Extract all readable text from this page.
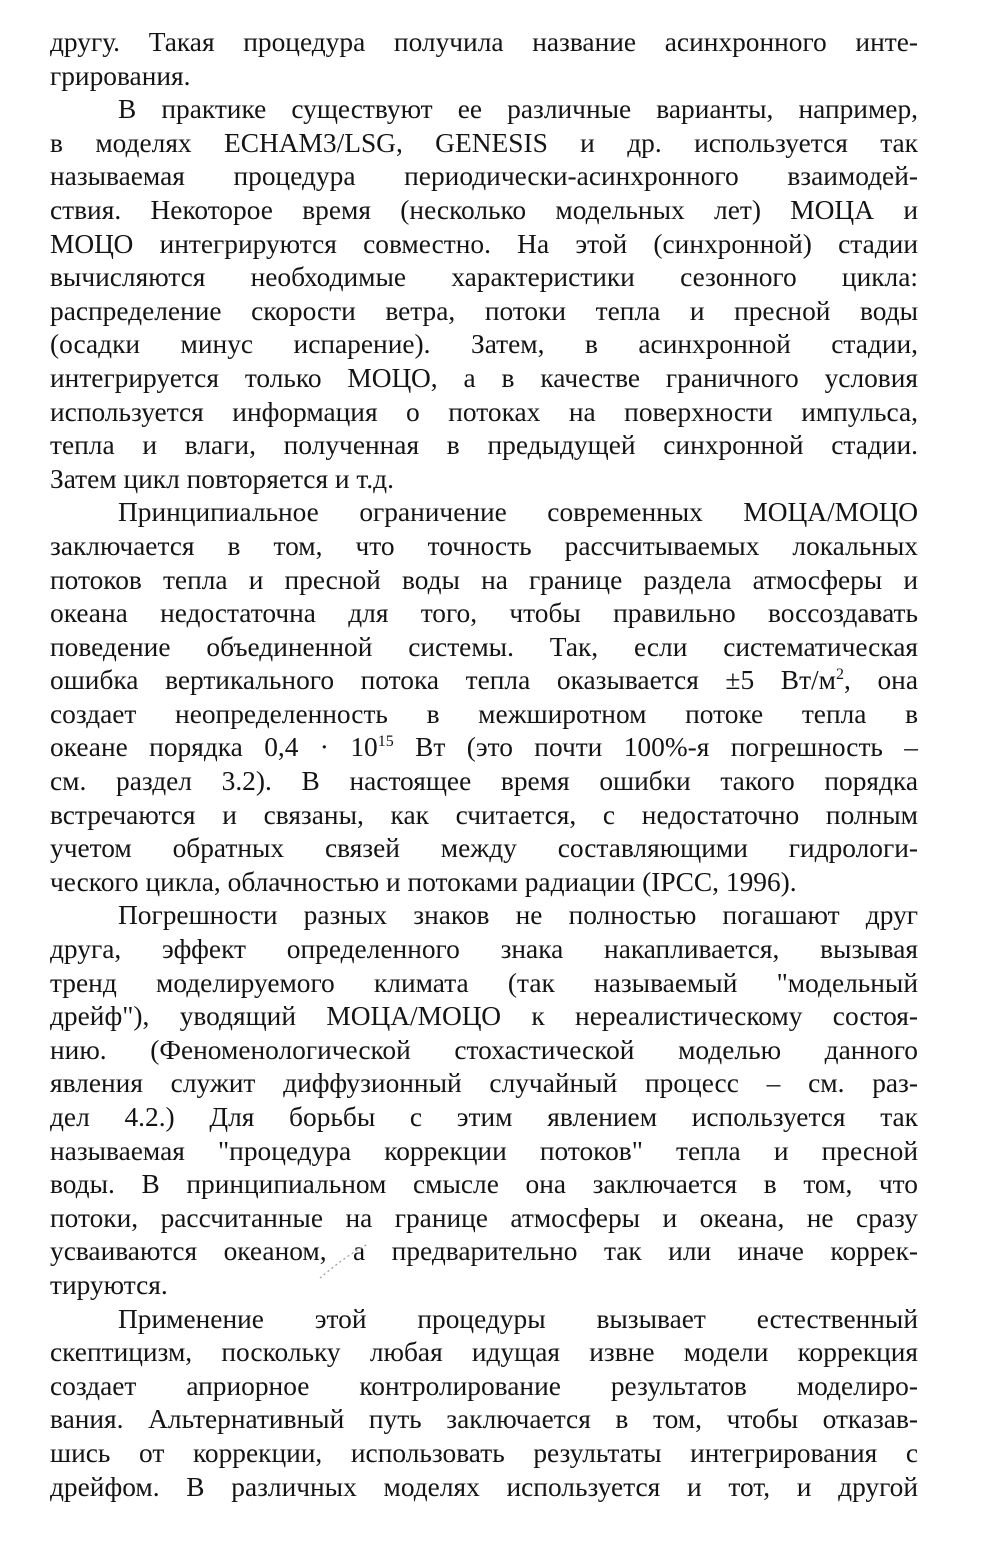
другу. Такая процедура получила название асинхронного инте-
грирования.
В практике существуют ее различные варианты, например,
в моделях ECHAM3/LSG, GENESIS и др. используется так
называемая процедура периодически-асинхронного взаимодей-
ствия. Некоторое время (несколько модельных лет) МОЦА и
МОЦО интегрируются совместно. На этой (синхронной) стадии
вычисляются необходимые характеристики сезонного цикла:
распределение скорости ветра, потоки тепла и пресной воды
(осадки минус испарение). Затем, в асинхронной стадии,
интегрируется только МОЦО, а в качестве граничного условия
используется информация о потоках на поверхности импульса,
тепла и влаги, полученная в предыдущей синхронной стадии.
Затем цикл повторяется и т.д.
Принципиальное ограничение современных МОЦА/МОЦО
заключается в том, что точность рассчитываемых локальных
потоков тепла и пресной воды на границе раздела атмосферы и
океана недостаточна для того, чтобы правильно воссоздавать
поведение объединенной системы. Так, если систематическая
ошибка вертикального потока тепла оказывается ±5 $Вт/м^2$, она
создает неопределенность в межширотном потоке тепла в
океане порядка $0,4 \cdot 10^{15}$ Вт (это почти 100%-я погрешность –
см. раздел 3.2). В настоящее время ошибки такого порядка
встречаются и связаны, как считается, с недостаточно полным
учетом обратных связей между составляющими гидрологи-
ческого цикла, облачностью и потоками радиации (IPCC, 1996).
Погрешности разных знаков не полностью погашают друг
друга, эффект определенного знака накапливается, вызывая
тренд моделируемого климата (так называемый "модельный
дрейф"), уводящий МОЦА/МОЦО к нереалистическому состоя-
нию. (Феноменологической стохастической моделью данного
явления служит диффузионный случайный процесс – см. раз-
дел 4.2.) Для борьбы с этим явлением используется так
называемая "процедура коррекции потоков" тепла и пресной
воды. В принципиальном смысле она заключается в том, что
потоки, рассчитанные на границе атмосферы и океана, не сразу
усваиваются океаном, а предварительно так или иначе коррек-
тируются.
Применение этой процедуры вызывает естественный
скептицизм, поскольку любая идущая извне модели коррекция
создает априорное контролирование результатов моделиро-
вания. Альтернативный путь заключается в том, чтобы отказав-
шись от коррекции, использовать результаты интегрирования с
дрейфом. В различных моделях используется и тот, и другой
